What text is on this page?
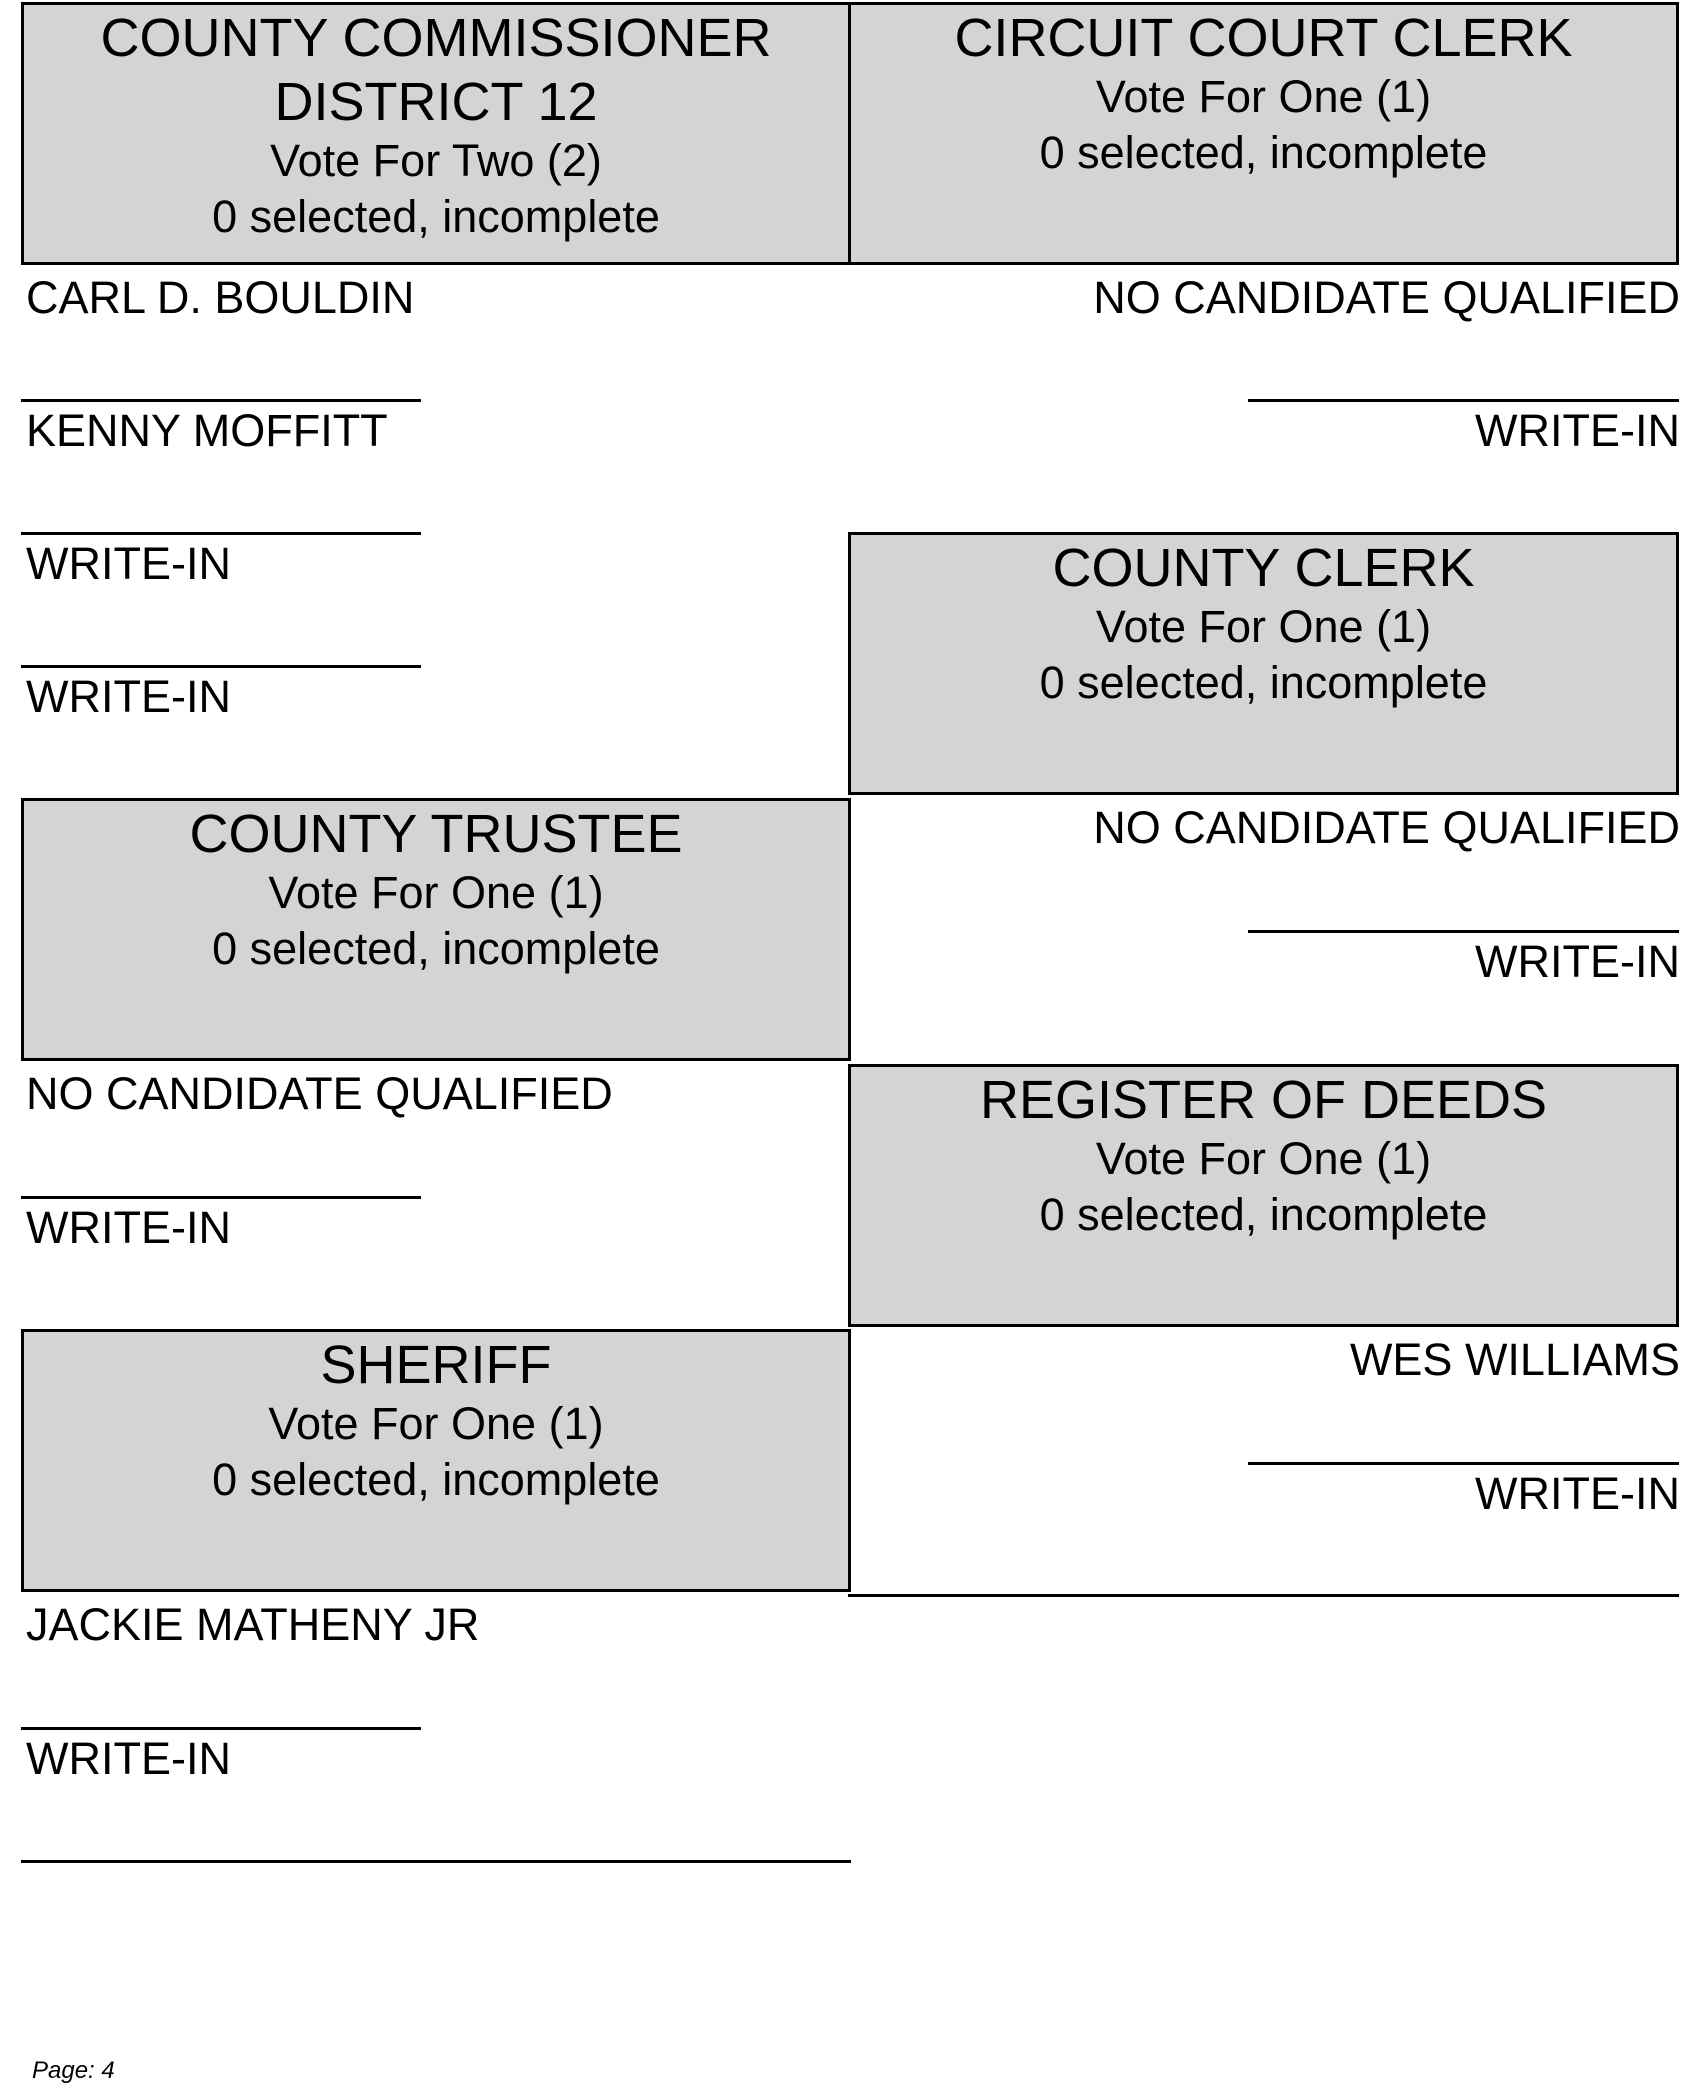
COUNTY COMMISSIONER
DISTRICT 12
Vote For Two (2)
0 selected, incomplete
CARL D. BOULDIN
KENNY MOFFITT
WRITE-IN
WRITE-IN
COUNTY TRUSTEE
Vote For One (1)
0 selected, incomplete
NO CANDIDATE QUALIFIED
WRITE-IN
SHERIFF
Vote For One (1)
0 selected, incomplete
JACKIE MATHENY JR
WRITE-IN
CIRCUIT COURT CLERK
Vote For One (1)
0 selected, incomplete
NO CANDIDATE QUALIFIED
WRITE-IN
COUNTY CLERK
Vote For One (1)
0 selected, incomplete
NO CANDIDATE QUALIFIED
WRITE-IN
REGISTER OF DEEDS
Vote For One (1)
0 selected, incomplete
WES WILLIAMS
WRITE-IN
Page: 4
